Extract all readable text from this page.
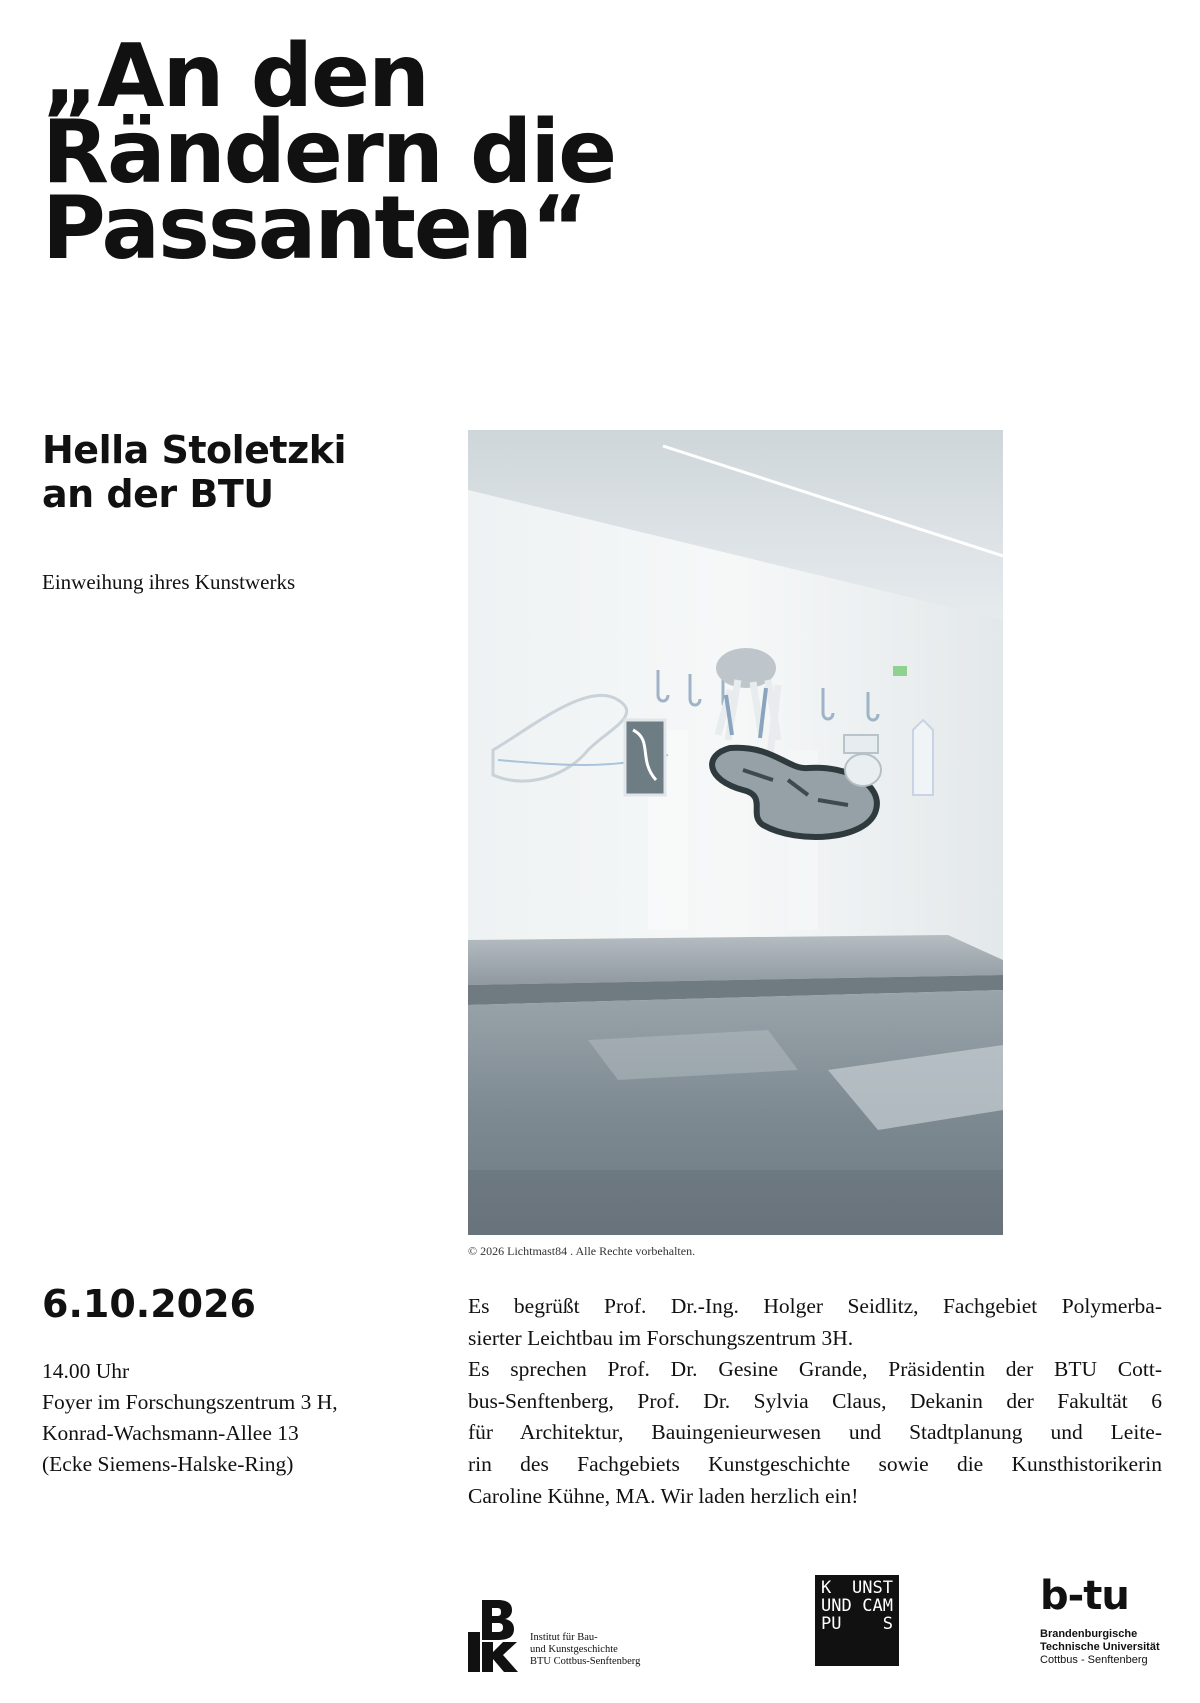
„An den
Rändern die
Passanten“
Hella Stoletzki
an der BTU
Einweihung ihres Kunstwerks
© 2026 Lichtmast84 . Alle Rechte vorbehalten.
6.10.2026
14.00 Uhr
Foyer im Forschungszentrum 3 H,
Konrad-Wachsmann-Allee 13
(Ecke Siemens-Halske-Ring)
Es begrüßt Prof. Dr.-Ing. Holger Seidlitz, Fachgebiet Polymerba-
sierter Leichtbau im Forschungszentrum 3H.
Es sprechen Prof. Dr. Gesine Grande, Präsidentin der BTU Cott-
bus-Senftenberg, Prof. Dr. Sylvia Claus, Dekanin der Fakultät 6
für Architektur, Bauingenieurwesen und Stadtplanung und Leite-
rin des Fachgebiets Kunstgeschichte sowie die Kunsthistorikerin
Caroline Kühne, MA. Wir laden herzlich ein!
Institut für Bau-
und Kunstgeschichte
BTU Cottbus-Senftenberg
K UNST
UND CAM
PU S
b-tu
Brandenburgische
Technische Universität
Cottbus - Senftenberg
